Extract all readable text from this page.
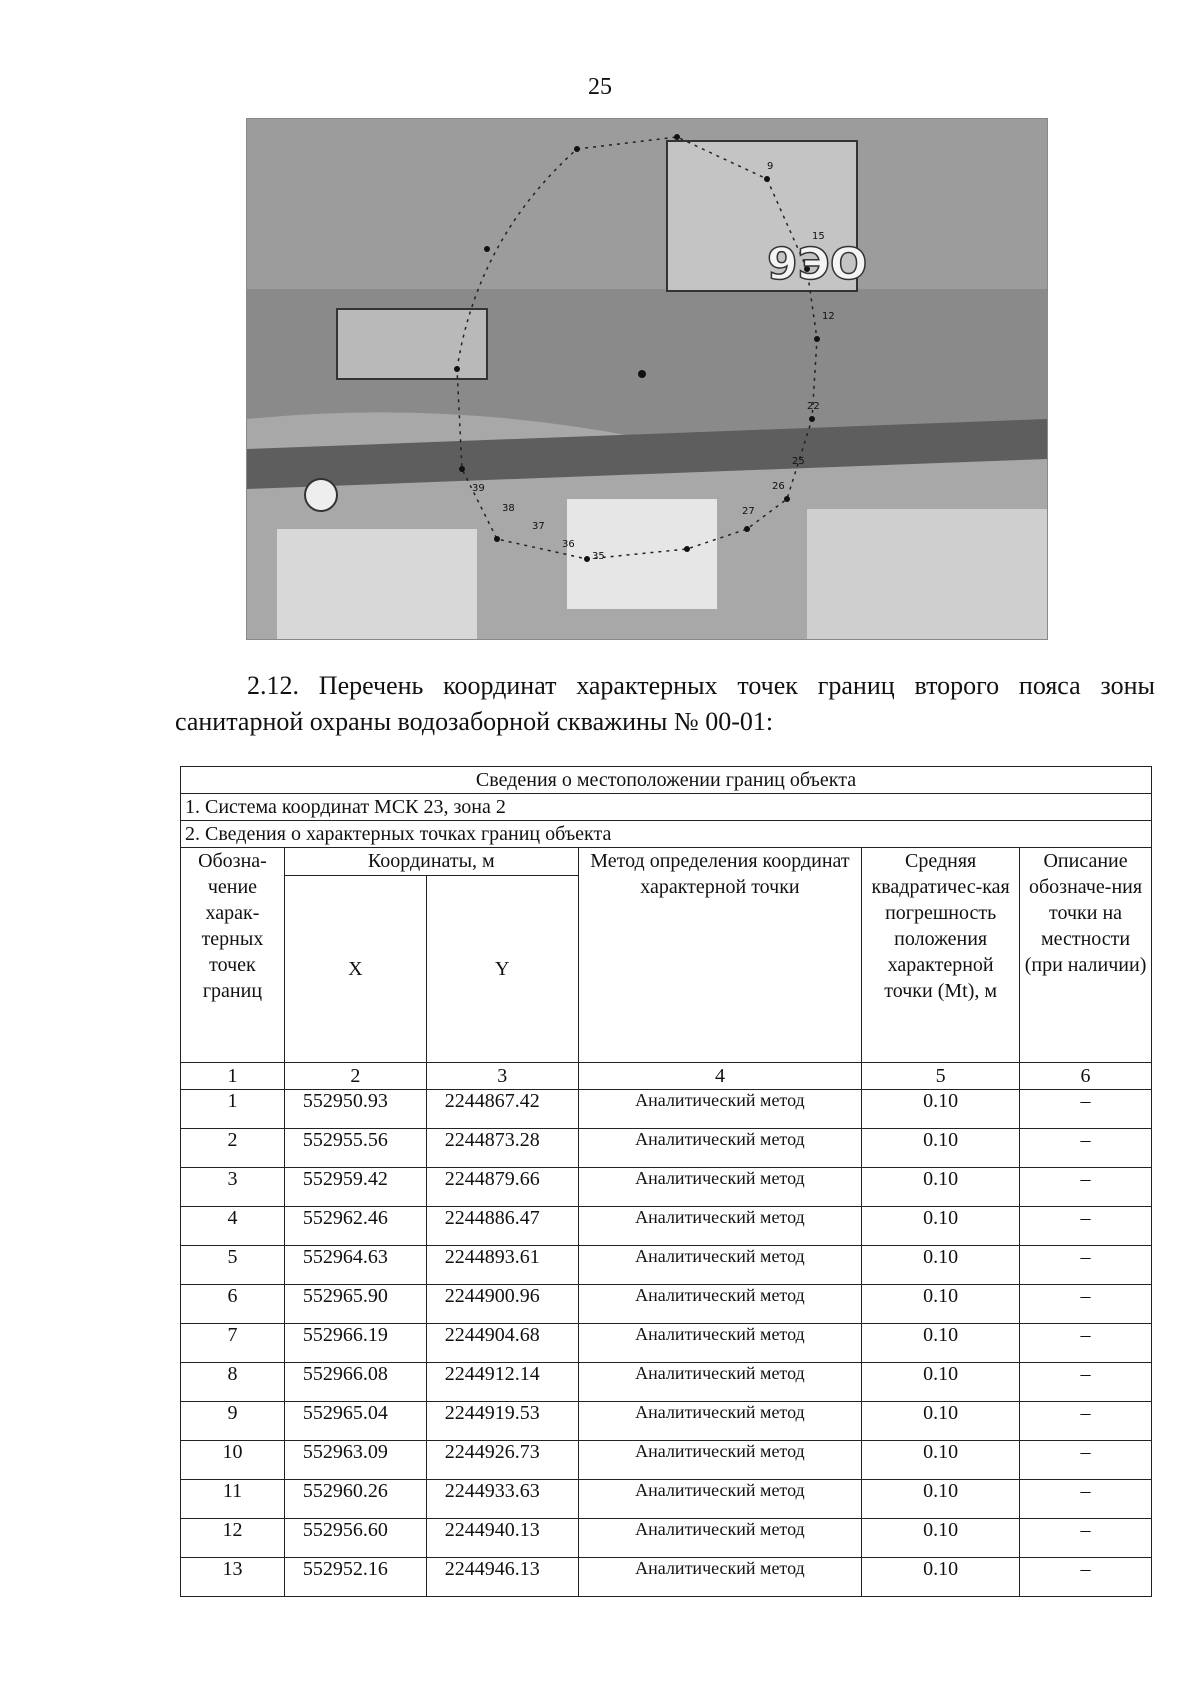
25
39
38
37
36
35
22
25
26
27
15
12
9
9ЭО
2.12. Перечень координат характерных точек границ второго пояса зоны санитарной охраны водозаборной скважины № 00-01:
Сведения о местоположении границ объекта					
1. Система координат МСК 23, зона 2					
2. Сведения о характерных точках границ объекта					
Обозна-чение харак-терных точек границ	Координаты, м		Метод определения координат характерной точки	Средняя квадратичес-кая погрешность положения характерной точки (Mt), м	Описание обозначе-ния точки на местности (при наличии)
	X	Y			
1	2	3	4	5	6
1	552950.93	2244867.42	Аналитический метод	0.10	–
2	552955.56	2244873.28	Аналитический метод	0.10	–
3	552959.42	2244879.66	Аналитический метод	0.10	–
4	552962.46	2244886.47	Аналитический метод	0.10	–
5	552964.63	2244893.61	Аналитический метод	0.10	–
6	552965.90	2244900.96	Аналитический метод	0.10	–
7	552966.19	2244904.68	Аналитический метод	0.10	–
8	552966.08	2244912.14	Аналитический метод	0.10	–
9	552965.04	2244919.53	Аналитический метод	0.10	–
10	552963.09	2244926.73	Аналитический метод	0.10	–
11	552960.26	2244933.63	Аналитический метод	0.10	–
12	552956.60	2244940.13	Аналитический метод	0.10	–
13	552952.16	2244946.13	Аналитический метод	0.10	–
